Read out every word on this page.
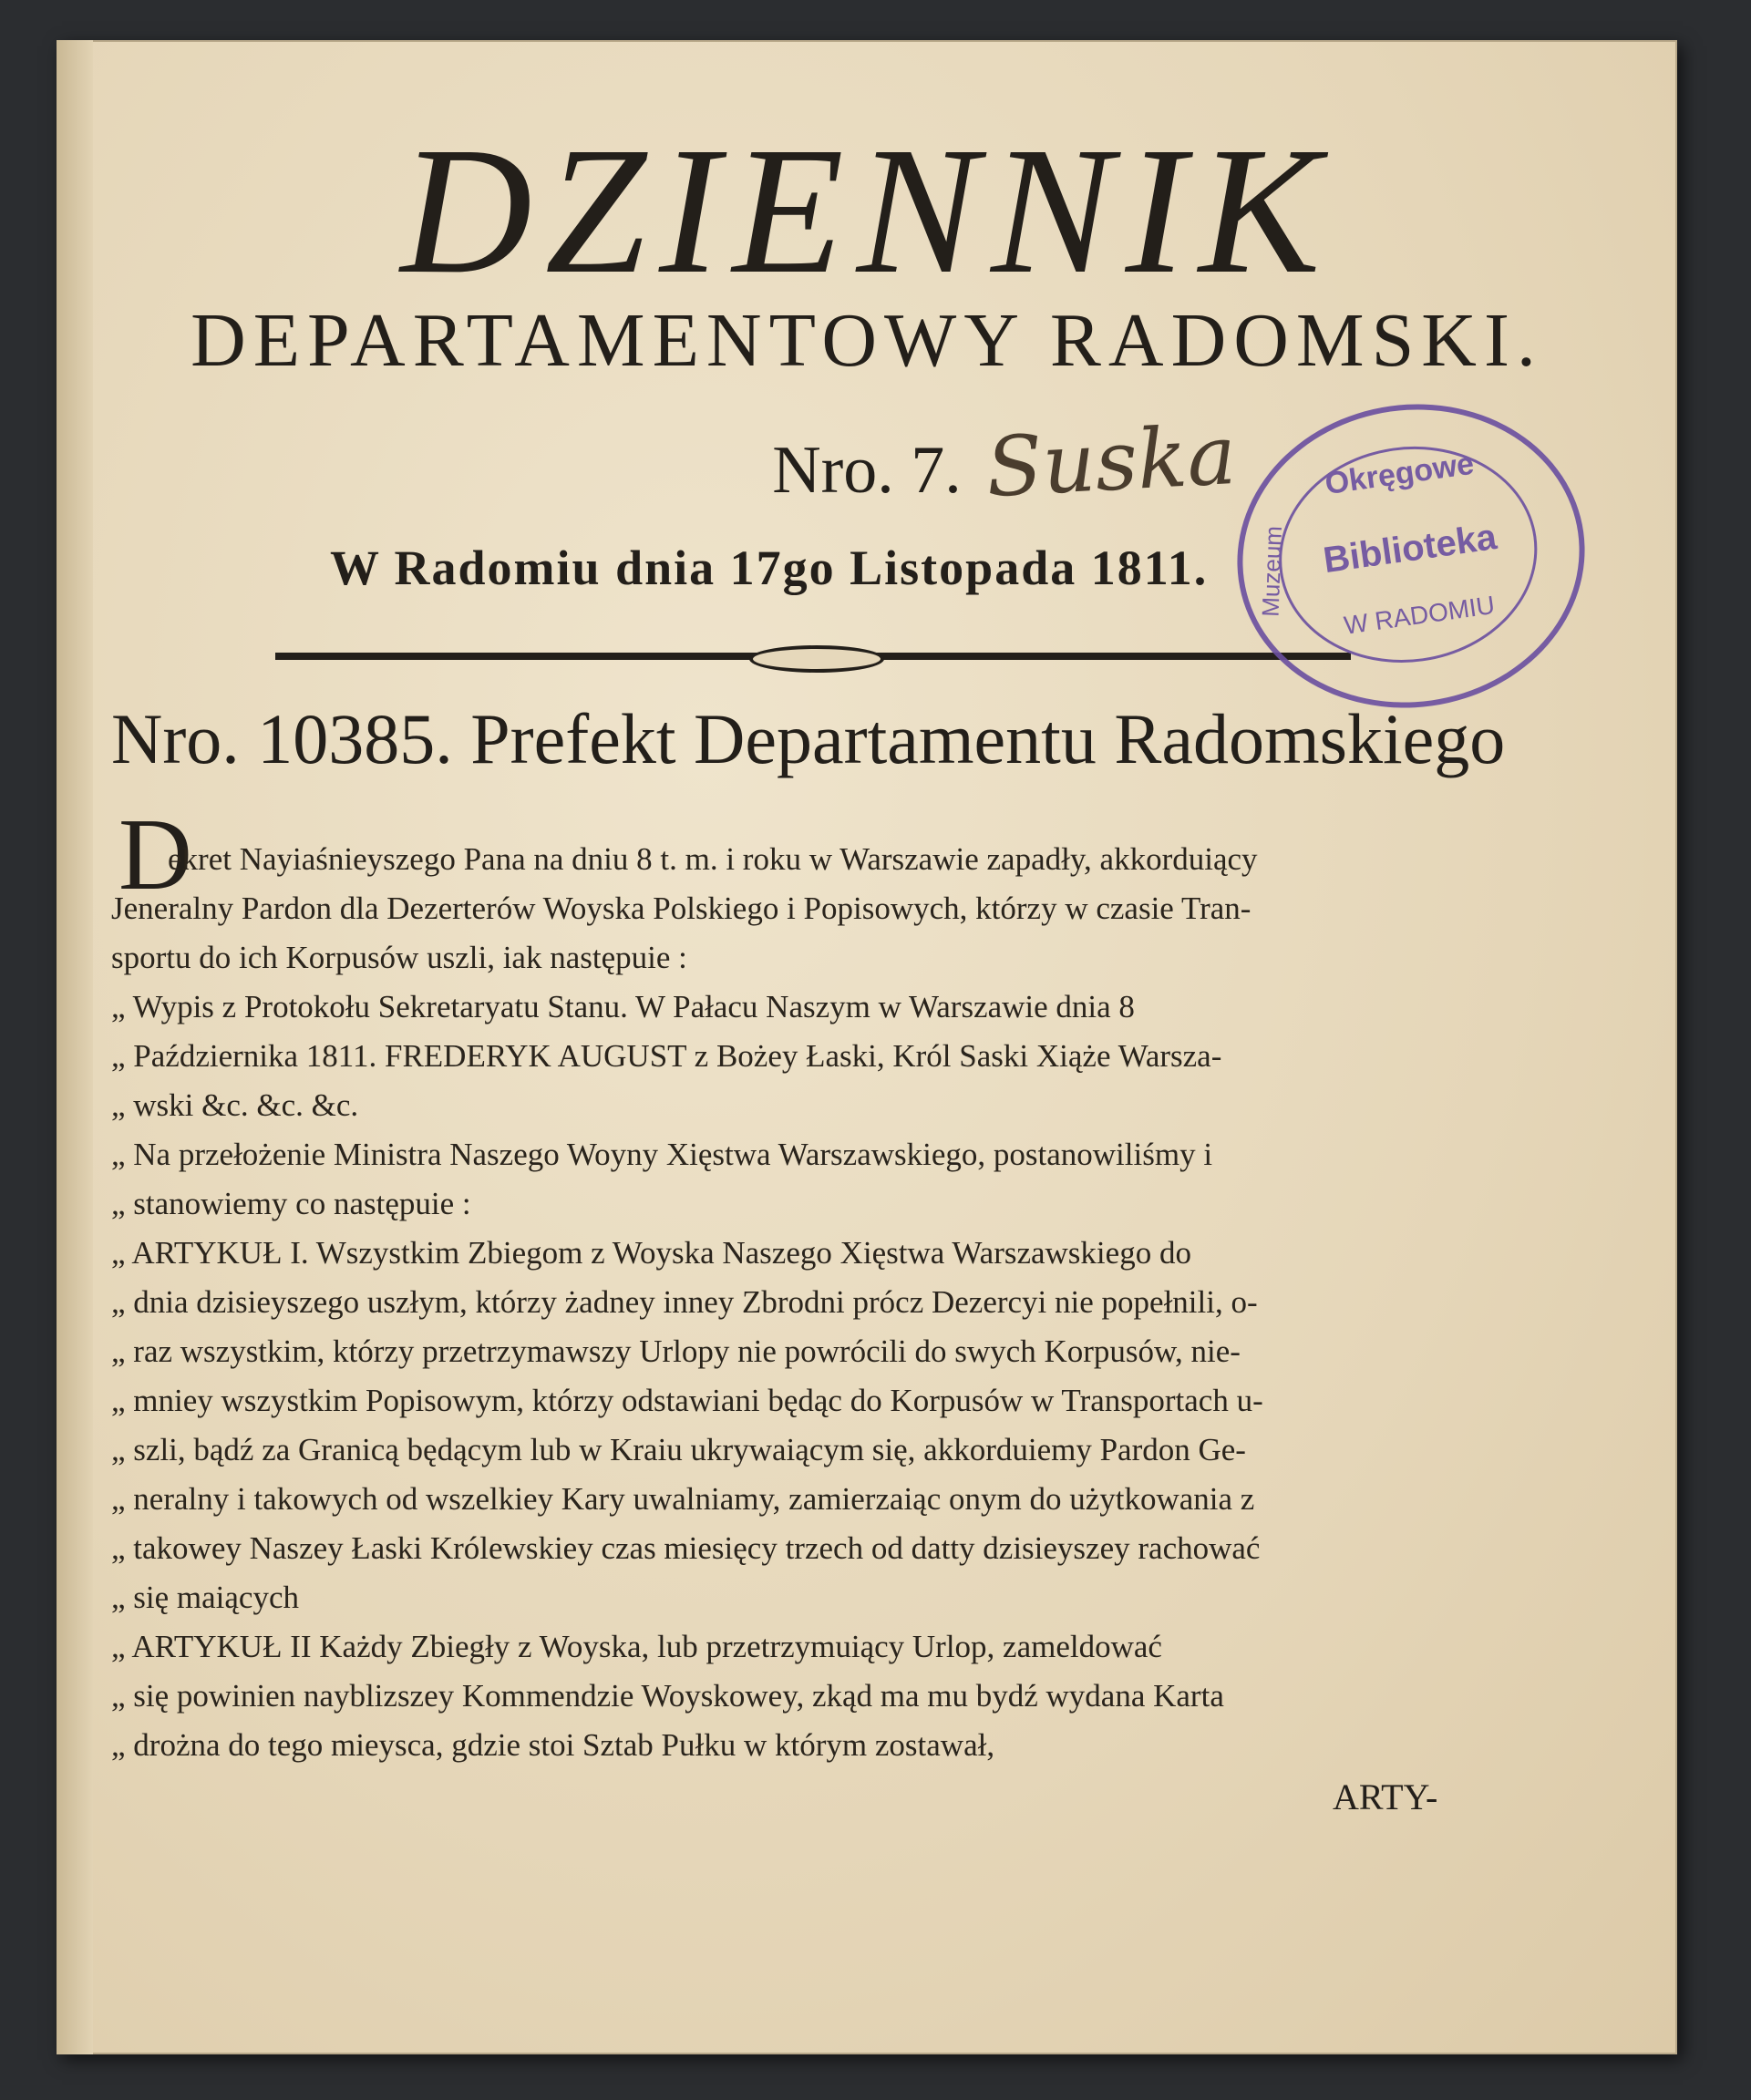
DZIENNIK
DEPARTAMENTOWY RADOMSKI.
Nro. 7. Suska
W Radomiu dnia 17go Listopada 1811.
Okręgowe
Biblioteka
W RADOMIU
Muzeum
Nro. 10385. Prefekt Departamentu Radomskiego
D

ekret Nayiaśnieyszego Pana na dniu 8 t. m. i roku w Warszawie zapadły, akkorduiący

Jeneralny Pardon dla Dezerterów Woyska Polskiego i Popisowych, którzy w czasie Tran-

sportu do ich Korpusów uszli, iak następuie :

„ Wypis z Protokołu Sekretaryatu Stanu. W Pałacu Naszym w Warszawie dnia 8

„ Października 1811. FREDERYK AUGUST z Bożey Łaski, Król Saski Xiąże Warsza-

„ wski &c. &c. &c.

„ Na przełożenie Ministra Naszego Woyny Xięstwa Warszawskiego, postanowiliśmy i

„ stanowiemy co następuie :

„ ARTYKUŁ I. Wszystkim Zbiegom z Woyska Naszego Xięstwa Warszawskiego do

„ dnia dzisieyszego uszłym, którzy żadney inney Zbrodni prócz Dezercyi nie popełnili, o-

„ raz wszystkim, którzy przetrzymawszy Urlopy nie powrócili do swych Korpusów, nie-

„ mniey wszystkim Popisowym, którzy odstawiani będąc do Korpusów w Transportach u-

„ szli, bądź za Granicą będącym lub w Kraiu ukrywaiącym się, akkorduiemy Pardon Ge-

„ neralny i takowych od wszelkiey Kary uwalniamy, zamierzaiąc onym do użytkowania z

„ takowey Naszey Łaski Królewskiey czas miesięcy trzech od datty dzisieyszey rachować

„ się maiących

„ ARTYKUŁ II Każdy Zbiegły z Woyska, lub przetrzymuiący Urlop, zameldować

„ się powinien nayblizszey Kommendzie Woyskowey, zkąd ma mu bydź wydana Karta

„ drożna do tego mieysca, gdzie stoi Sztab Pułku w którym zostawał,

ARTY-
